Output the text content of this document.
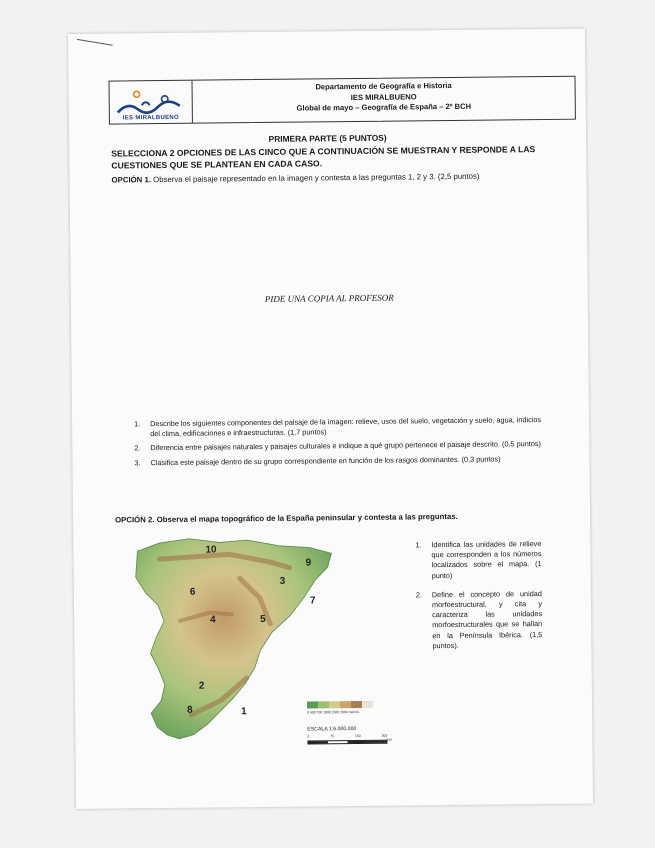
IES MIRALBUENO
Departamento de Geografía e Historia
IES MIRALBUENO
Global de mayo – Geografía de España – 2º BCH
PRIMERA PARTE (5 PUNTOS)
SELECCIONA 2 OPCIONES DE LAS CINCO QUE A CONTINUACIÓN SE MUESTRAN Y RESPONDE A LAS CUESTIONES QUE SE PLANTEAN EN CADA CASO.
OPCIÓN 1. Observa el paisaje representado en la imagen y contesta a las preguntas 1, 2 y 3. (2,5 puntos)
PIDE UNA COPIA AL PROFESOR
1.	Describe los siguientes componentes del paisaje de la imagen: relieve, usos del suelo, vegetación y suelo, agua, indicios del clima, edificaciones e infraestructuras. (1,7 puntos)
2.	Diferencia entre paisajes naturales y paisajes culturales e indique a qué grupo pertenece el paisaje descrito. (0,5 puntos)
3.	Clasifica este paisaje dentro de su grupo correspondiente en función de los rasgos dominantes. (0,3 puntos)
OPCIÓN 2. Observa el mapa topográfico de la España peninsular y contesta a las preguntas.
10
9
3
6
7
4	5
2
8	1	0 400 700 1000 1500 2000 metros
ESCALA 1:6.000.000
0	75	150	300
km
1.	Identifica las unidades de relieve que corresponden a los números localizados sobre el mapa. (1 punto)
2.	Define el concepto de unidad morfoestructural, y cita y caracteriza las unidades morfoestructurales que se hallan en la Península Ibérica. (1,5 puntos).
